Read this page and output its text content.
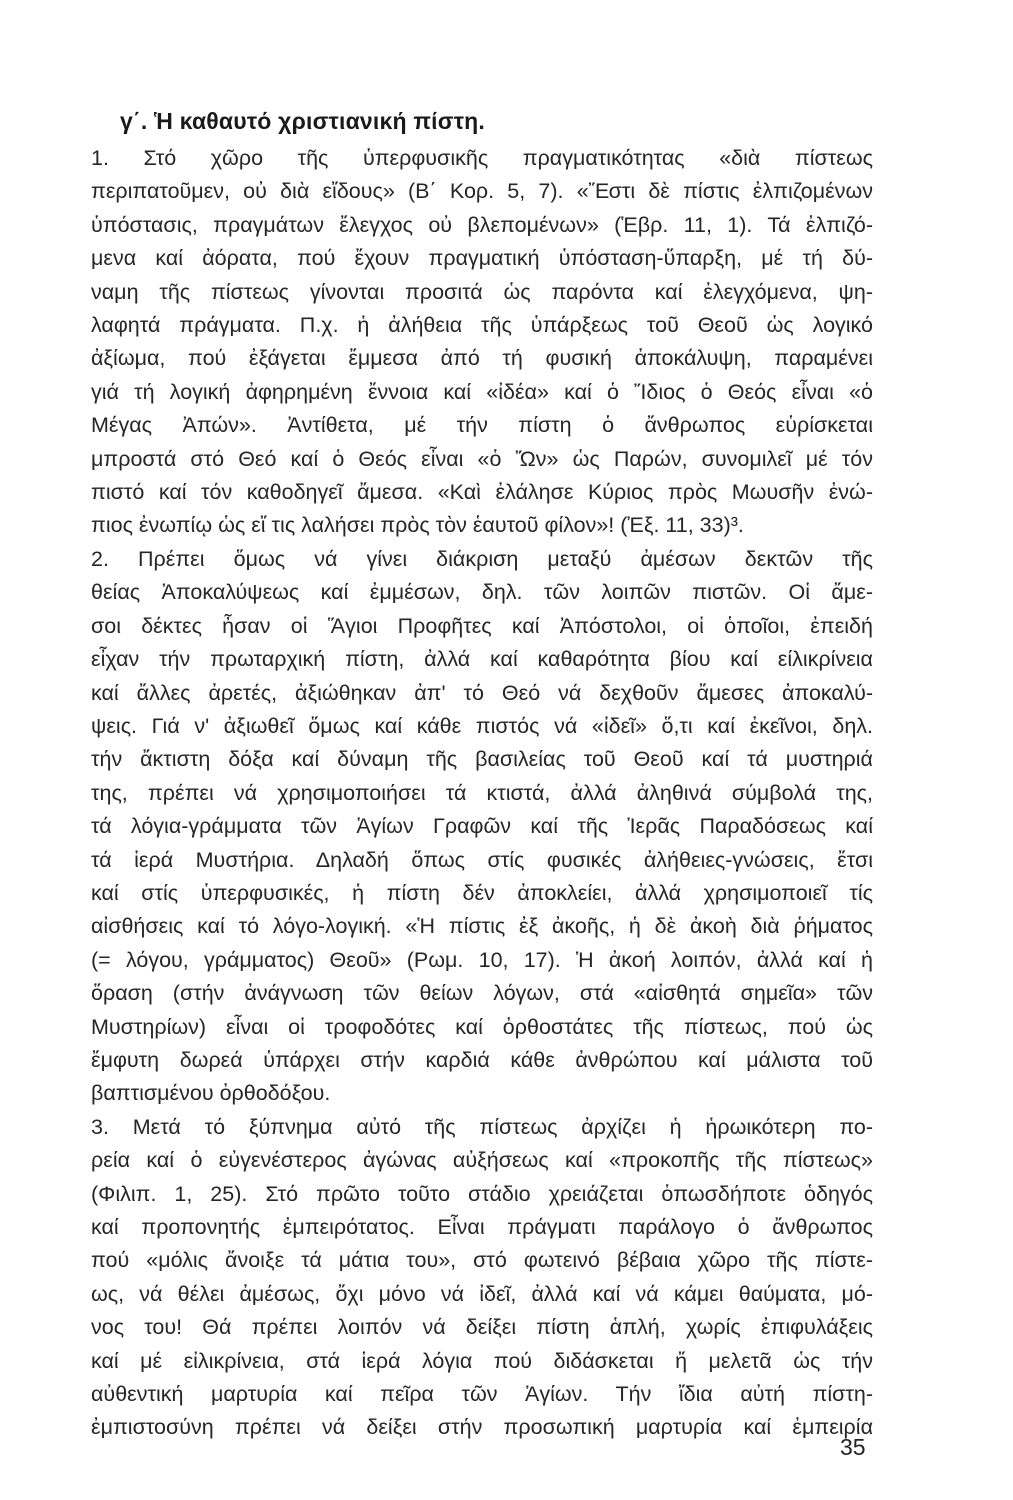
γ΄. Ἡ καθαυτό χριστιανική πίστη.
1. Στό χῶρο τῆς ὑπερφυσικῆς πραγματικότητας «διὰ πίστεως
περιπατοῦμεν, οὐ διὰ εἴδους» (Β΄ Κορ. 5, 7). «Ἔστι δὲ πίστις ἐλπιζομένων
ὑπόστασις, πραγμάτων ἔλεγχος οὐ βλεπομένων» (Ἑβρ. 11, 1). Τά ἐλπιζό-
μενα καί ἀόρατα, πού ἔχουν πραγματική ὑπόσταση-ὕπαρξη, μέ τή δύ-
ναμη τῆς πίστεως γίνονται προσιτά ὡς παρόντα καί ἐλεγχόμενα, ψη-
λαφητά πράγματα. Π.χ. ἡ ἀλήθεια τῆς ὑπάρξεως τοῦ Θεοῦ ὡς λογικό
ἀξίωμα, πού ἐξάγεται ἔμμεσα ἀπό τή φυσική ἀποκάλυψη, παραμένει
γιά τή λογική ἀφηρημένη ἔννοια καί «ἰδέα» καί ὁ Ἴδιος ὁ Θεός εἶναι «ὁ
Μέγας Ἀπών». Ἀντίθετα, μέ τήν πίστη ὁ ἄνθρωπος εὑρίσκεται
μπροστά στό Θεό καί ὁ Θεός εἶναι «ὁ Ὤν» ὡς Παρών, συνομιλεῖ μέ τόν
πιστό καί τόν καθοδηγεῖ ἄμεσα. «Καὶ ἐλάλησε Κύριος πρὸς Μωυσῆν ἐνώ-
πιος ἐνωπίῳ ὡς εἴ τις λαλήσει πρὸς τὸν ἑαυτοῦ φίλον»! (Ἐξ. 11, 33)³.
2. Πρέπει ὅμως νά γίνει διάκριση μεταξύ ἀμέσων δεκτῶν τῆς
θείας Ἀποκαλύψεως καί ἐμμέσων, δηλ. τῶν λοιπῶν πιστῶν. Οἱ ἄμε-
σοι δέκτες ἦσαν οἱ Ἅγιοι Προφῆτες καί Ἀπόστολοι, οἱ ὁποῖοι, ἐπειδή
εἶχαν τήν πρωταρχική πίστη, ἀλλά καί καθαρότητα βίου καί είλικρίνεια
καί ἄλλες ἀρετές, ἀξιώθηκαν ἀπ' τό Θεό νά δεχθοῦν ἄμεσες ἀποκαλύ-
ψεις. Γιά ν' ἀξιωθεῖ ὅμως καί κάθε πιστός νά «ἰδεῖ» ὅ,τι καί ἐκεῖνοι, δηλ.
τήν ἄκτιστη δόξα καί δύναμη τῆς βασιλείας τοῦ Θεοῦ καί τά μυστηριά
της, πρέπει νά χρησιμοποιήσει τά κτιστά, ἀλλά ἀληθινά σύμβολά της,
τά λόγια-γράμματα τῶν Ἁγίων Γραφῶν καί τῆς Ἱερᾶς Παραδόσεως καί
τά ἱερά Μυστήρια. Δηλαδή ὅπως στίς φυσικές ἀλήθειες-γνώσεις, ἔτσι
καί στίς ὑπερφυσικές, ἡ πίστη δέν ἀποκλείει, ἀλλά χρησιμοποιεῖ τίς
αἰσθήσεις καί τό λόγο-λογική. «Ἡ πίστις ἐξ ἀκοῆς, ἡ δὲ ἀκοὴ διὰ ῥήματος
(= λόγου, γράμματος) Θεοῦ» (Ρωμ. 10, 17). Ἡ ἀκοή λοιπόν, ἀλλά καί ἡ
ὅραση (στήν ἀνάγνωση τῶν θείων λόγων, στά «αἰσθητά σημεῖα» τῶν
Μυστηρίων) εἶναι οἱ τροφοδότες καί ὀρθοστάτες τῆς πίστεως, πού ὡς
ἔμφυτη δωρεά ὑπάρχει στήν καρδιά κάθε ἀνθρώπου καί μάλιστα τοῦ
βαπτισμένου ὀρθοδόξου.
3. Μετά τό ξύπνημα αὐτό τῆς πίστεως ἀρχίζει ἡ ἡρωικότερη πο-
ρεία καί ὁ εὐγενέστερος ἀγώνας αὐξήσεως καί «προκοπῆς τῆς πίστεως»
(Φιλιπ. 1, 25). Στό πρῶτο τοῦτο στάδιο χρειάζεται ὁπωσδήποτε ὁδηγός
καί προπονητής ἐμπειρότατος. Εἶναι πράγματι παράλογο ὁ ἄνθρωπος
πού «μόλις ἄνοιξε τά μάτια του», στό φωτεινό βέβαια χῶρο τῆς πίστε-
ως, νά θέλει ἀμέσως, ὄχι μόνο νά ἰδεῖ, ἀλλά καί νά κάμει θαύματα, μό-
νος του! Θά πρέπει λοιπόν νά δείξει πίστη ἁπλή, χωρίς ἐπιφυλάξεις
καί μέ εἰλικρίνεια, στά ἱερά λόγια πού διδάσκεται ἤ μελετᾶ ὡς τήν
αὐθεντική μαρτυρία καί πεῖρα τῶν Ἁγίων. Τήν ἴδια αὐτή πίστη-
ἐμπιστοσύνη πρέπει νά δείξει στήν προσωπική μαρτυρία καί ἐμπειρία
35
